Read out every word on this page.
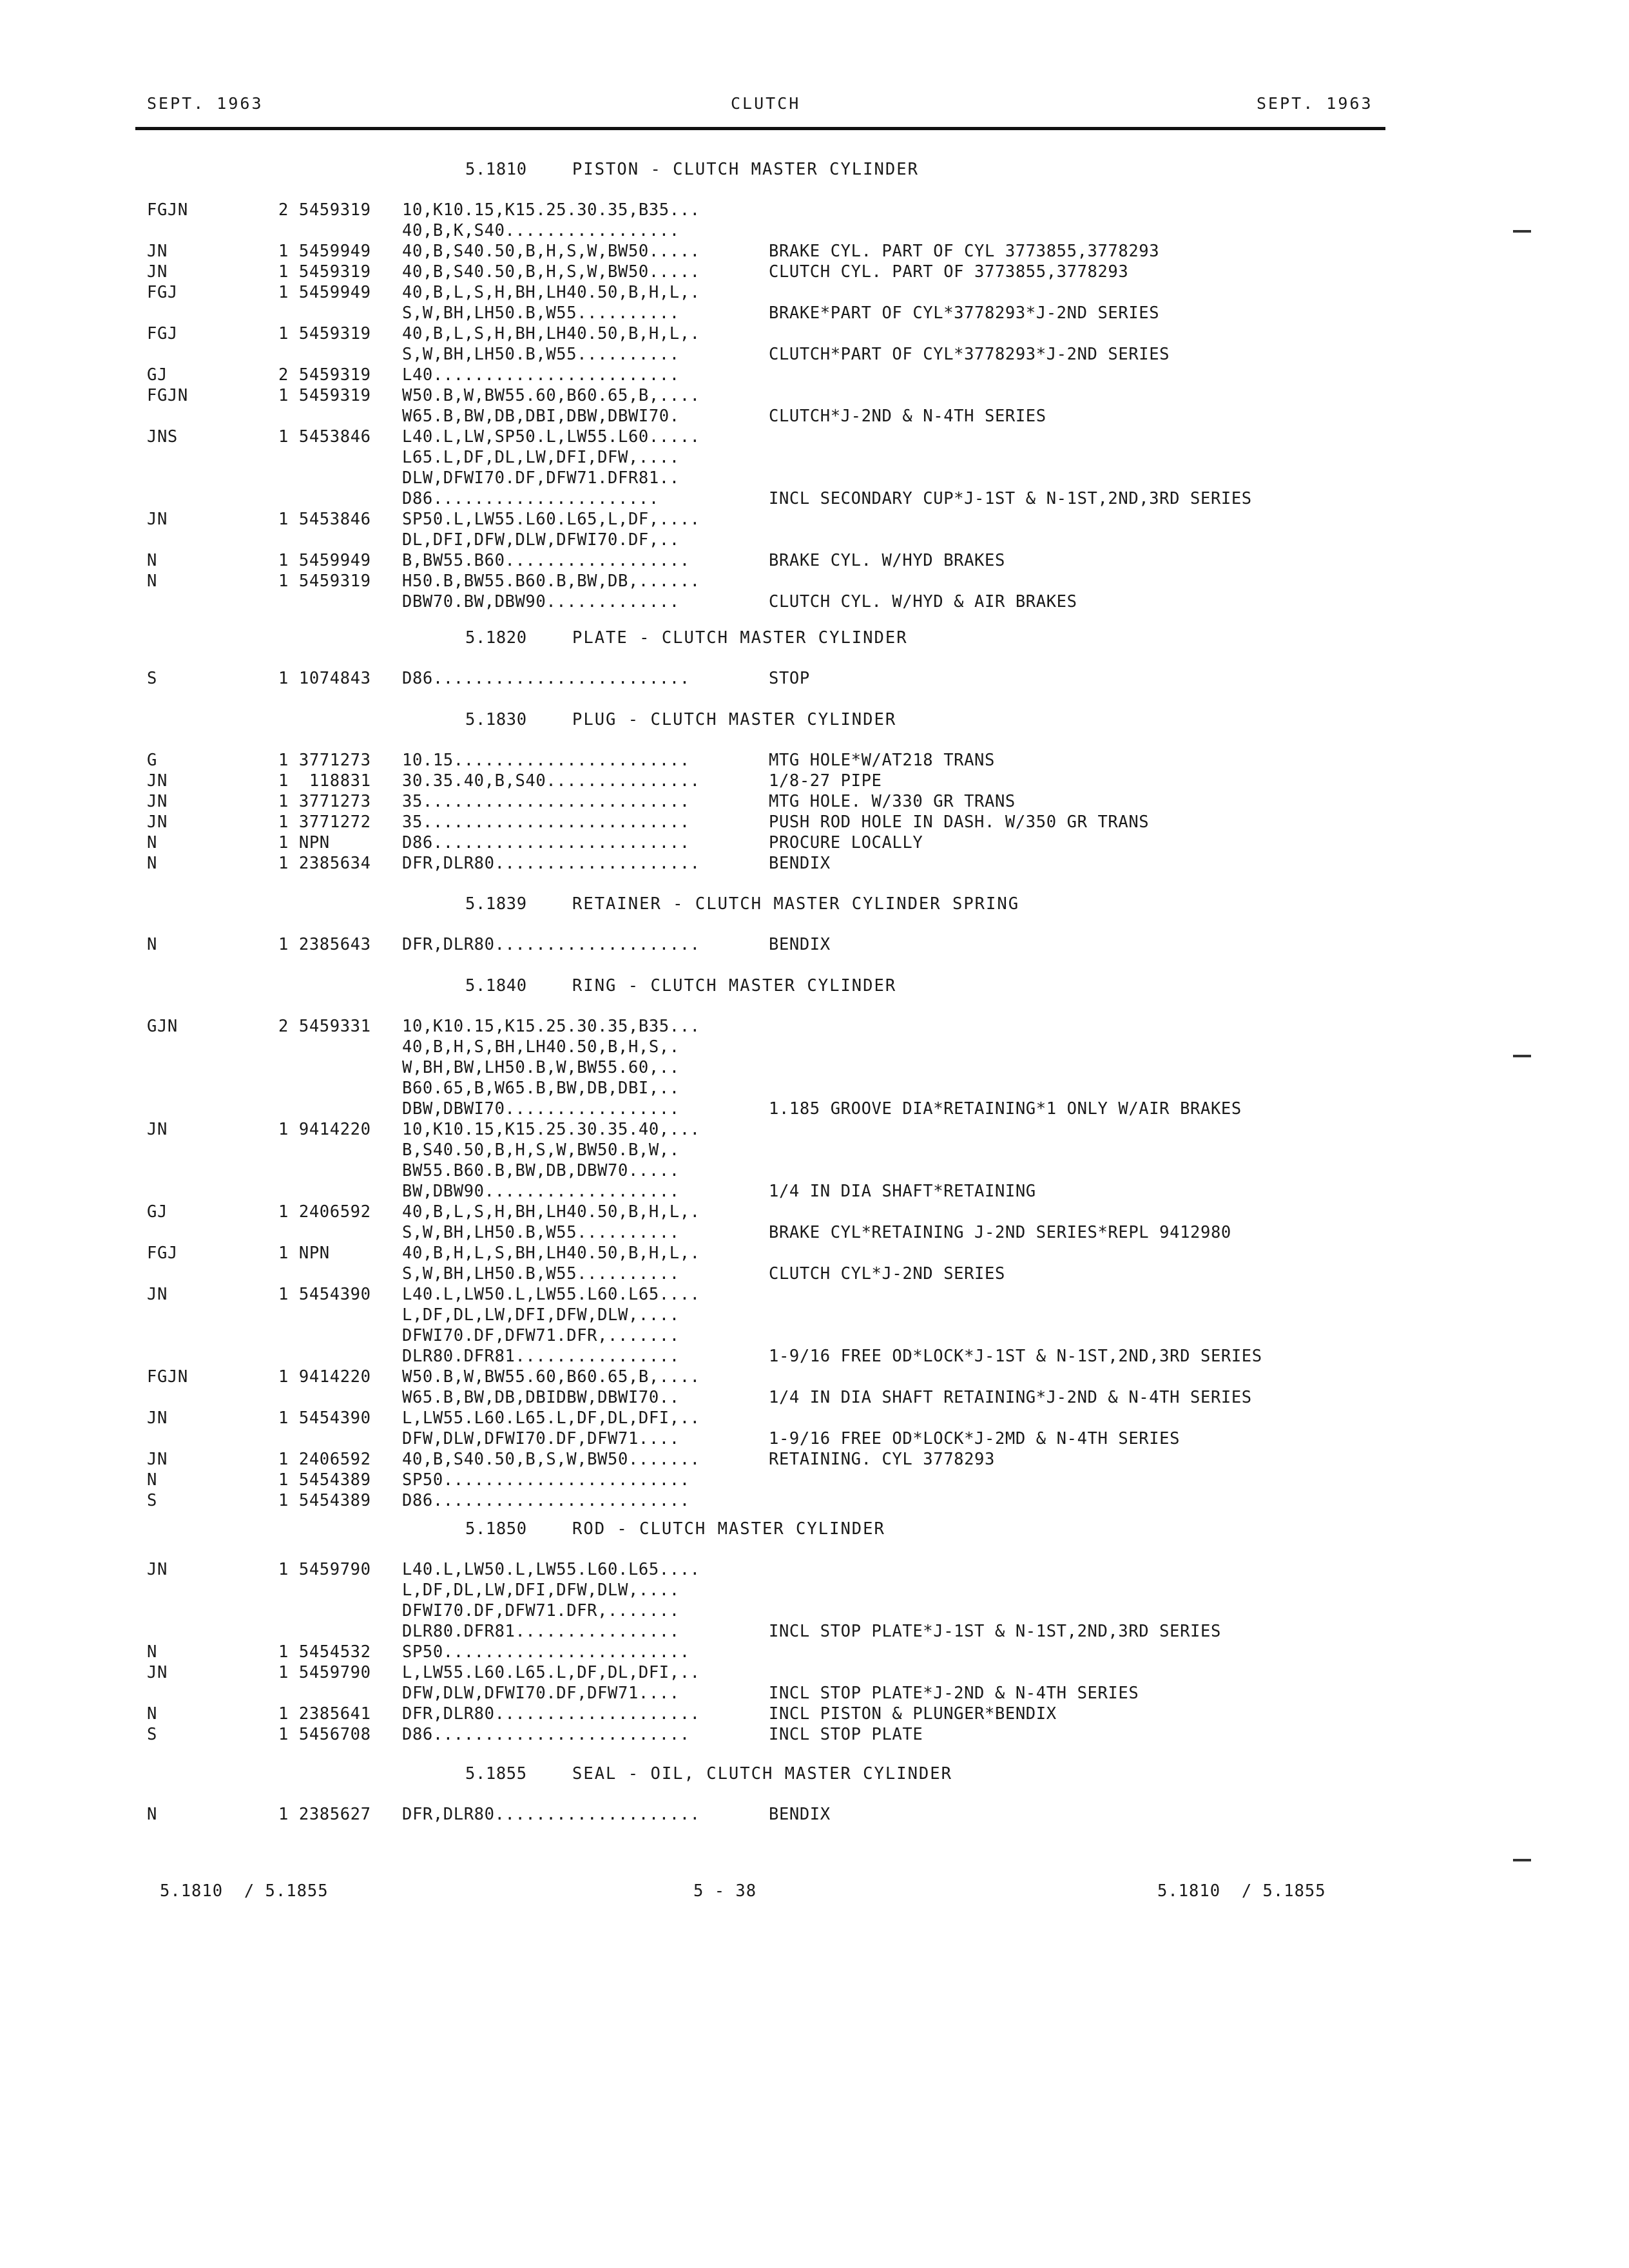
SEPT. 1963	CLUTCH	SEPT. 1963
5.1810	PISTON - CLUTCH MASTER CYLINDER
FGJN	2 5459319 10,K10.15,K15.25.30.35,B35...
40,B,K,S40.................
JN	1 5459949 40,B,S40.50,B,H,S,W,BW50.....	BRAKE CYL. PART OF CYL 3773855,3778293
JN	1 5459319 40,B,S40.50,B,H,S,W,BW50.....	CLUTCH CYL. PART OF 3773855,3778293
FGJ	1 5459949 40,B,L,S,H,BH,LH40.50,B,H,L,.
S,W,BH,LH50.B,W55..........	BRAKE*PART OF CYL*3778293*J-2ND SERIES
FGJ	1 5459319 40,B,L,S,H,BH,LH40.50,B,H,L,.
S,W,BH,LH50.B,W55..........	CLUTCH*PART OF CYL*3778293*J-2ND SERIES
GJ	2 5459319 L40........................
FGJN	1 5459319 W50.B,W,BW55.60,B60.65,B,....
W65.B,BW,DB,DBI,DBW,DBWI70.	CLUTCH*J-2ND & N-4TH SERIES
JNS	1 5453846 L40.L,LW,SP50.L,LW55.L60.....
L65.L,DF,DL,LW,DFI,DFW,....
DLW,DFWI70.DF,DFW71.DFR81..
D86......................	INCL SECONDARY CUP*J-1ST & N-1ST,2ND,3RD SERIES
JN	1 5453846 SP50.L,LW55.L60.L65,L,DF,....
DL,DFI,DFW,DLW,DFWI70.DF,..
N	1 5459949 B,BW55.B60..................	BRAKE CYL. W/HYD BRAKES
N	1 5459319 H50.B,BW55.B60.B,BW,DB,......
DBW70.BW,DBW90.............	CLUTCH CYL. W/HYD & AIR BRAKES
5.1820	PLATE - CLUTCH MASTER CYLINDER
S	1 1074843 D86.........................	STOP
5.1830	PLUG - CLUTCH MASTER CYLINDER
G	1 3771273 10.15.......................	MTG HOLE*W/AT218 TRANS
JN	1  118831 30.35.40,B,S40...............	1/8-27 PIPE
JN	1 3771273 35..........................	MTG HOLE. W/330 GR TRANS
JN	1 3771272 35..........................	PUSH ROD HOLE IN DASH. W/350 GR TRANS
N	1 NPN D86.........................	PROCURE LOCALLY
N	1 2385634 DFR,DLR80....................	BENDIX
5.1839	RETAINER - CLUTCH MASTER CYLINDER SPRING
N	1 2385643 DFR,DLR80....................	BENDIX
5.1840	RING - CLUTCH MASTER CYLINDER
GJN	2 5459331 10,K10.15,K15.25.30.35,B35...
40,B,H,S,BH,LH40.50,B,H,S,.
W,BH,BW,LH50.B,W,BW55.60,..
B60.65,B,W65.B,BW,DB,DBI,..
DBW,DBWI70.................	1.185 GROOVE DIA*RETAINING*1 ONLY W/AIR BRAKES
JN	1 9414220 10,K10.15,K15.25.30.35.40,...
B,S40.50,B,H,S,W,BW50.B,W,.
BW55.B60.B,BW,DB,DBW70.....
BW,DBW90...................	1/4 IN DIA SHAFT*RETAINING
GJ	1 2406592 40,B,L,S,H,BH,LH40.50,B,H,L,.
S,W,BH,LH50.B,W55..........	BRAKE CYL*RETAINING J-2ND SERIES*REPL 9412980
FGJ	1 NPN 40,B,H,L,S,BH,LH40.50,B,H,L,.
S,W,BH,LH50.B,W55..........	CLUTCH CYL*J-2ND SERIES
JN	1 5454390 L40.L,LW50.L,LW55.L60.L65....
L,DF,DL,LW,DFI,DFW,DLW,....
DFWI70.DF,DFW71.DFR,.......
DLR80.DFR81................	1-9/16 FREE OD*LOCK*J-1ST & N-1ST,2ND,3RD SERIES
FGJN	1 9414220 W50.B,W,BW55.60,B60.65,B,....
W65.B,BW,DB,DBIDBW,DBWI70..	1/4 IN DIA SHAFT RETAINING*J-2ND & N-4TH SERIES
JN	1 5454390 L,LW55.L60.L65.L,DF,DL,DFI,..
DFW,DLW,DFWI70.DF,DFW71....	1-9/16 FREE OD*LOCK*J-2MD & N-4TH SERIES
JN	1 2406592 40,B,S40.50,B,S,W,BW50.......	RETAINING. CYL 3778293
N	1 5454389 SP50........................
S	1 5454389 D86.........................
5.1850	ROD - CLUTCH MASTER CYLINDER
JN	1 5459790 L40.L,LW50.L,LW55.L60.L65....
L,DF,DL,LW,DFI,DFW,DLW,....
DFWI70.DF,DFW71.DFR,.......
DLR80.DFR81................	INCL STOP PLATE*J-1ST & N-1ST,2ND,3RD SERIES
N	1 5454532 SP50........................
JN	1 5459790 L,LW55.L60.L65.L,DF,DL,DFI,..
DFW,DLW,DFWI70.DF,DFW71....	INCL STOP PLATE*J-2ND & N-4TH SERIES
N	1 2385641 DFR,DLR80....................	INCL PISTON & PLUNGER*BENDIX
S	1 5456708 D86.........................	INCL STOP PLATE
5.1855	SEAL - OIL, CLUTCH MASTER CYLINDER
N	1 2385627 DFR,DLR80....................	BENDIX
5.1810  / 5.1855	5 - 38	5.1810  / 5.1855
